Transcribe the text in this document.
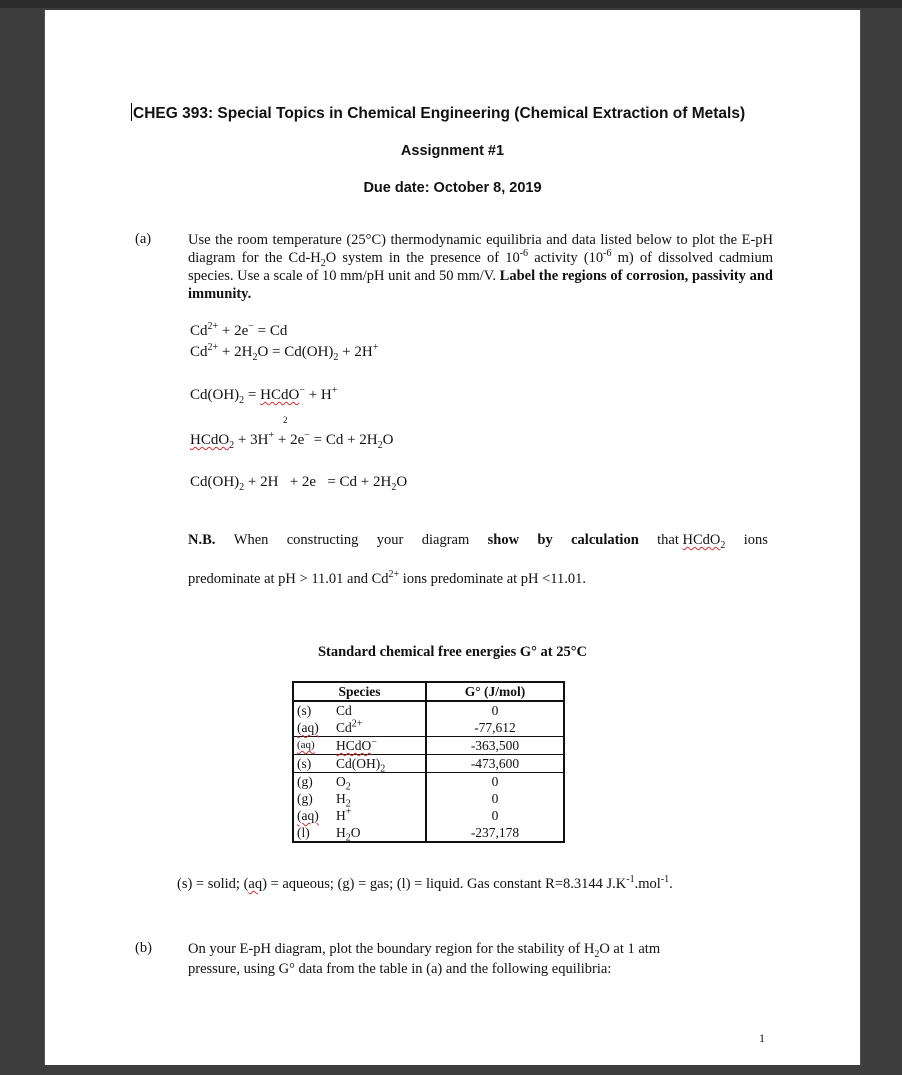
CHEG 393: Special Topics in Chemical Engineering (Chemical Extraction of Metals)
Assignment #1
Due date: October 8, 2019
(a)	Use the room temperature (25°C) thermodynamic equilibria and data listed below to plot the E-pH diagram for the $Cd-H_2O$ system in the presence of $10^{-6}$ activity ($10^{-6}$ m) of dissolved cadmium species. Use a scale of 10 mm/pH unit and 50 mm/V. Label the regions of corrosion, passivity and immunity.
$Cd^{2+} + 2e^- = Cd$
$Cd^{2+} + 2H_2O = Cd(OH)_2 + 2H^+$
$Cd(OH)_2$ = HCdO− + H+
2
HCdO$_2$ + $3H^+ + 2e^- = Cd + 2H_2O$
$Cd(OH)_2 + 2H + 2e = Cd + 2H_2O$
N.B. When constructing your diagram show by calculation that HCdO$_2$ ions
predominate at pH > 11.01 and $Cd^{2+}$ ions predominate at pH <11.01.
Standard chemical free energies G° at 25°C
Species		G° (J/mol)
(s)	Cd	0
(aq)	$Cd^{2+}$	-77,612
(aq)	HCdO−	-363,500
(s)	$Cd(OH)_2$	-473,600
(g)	$O_2$	0
(g)	$H_2$	0
(aq)	H+	0
(l)	$H_2O$	-237,178
(s) = solid; (aq) = aqueous; (g) = gas; (l) = liquid. Gas constant R=8.3144 $J.K^{-1}.mol^{-1}$.
(b) On your E-pH diagram, plot the boundary region for the stability of $H_2O$ at 1 atm
pressure, using G° data from the table in (a) and the following equilibria:
1
